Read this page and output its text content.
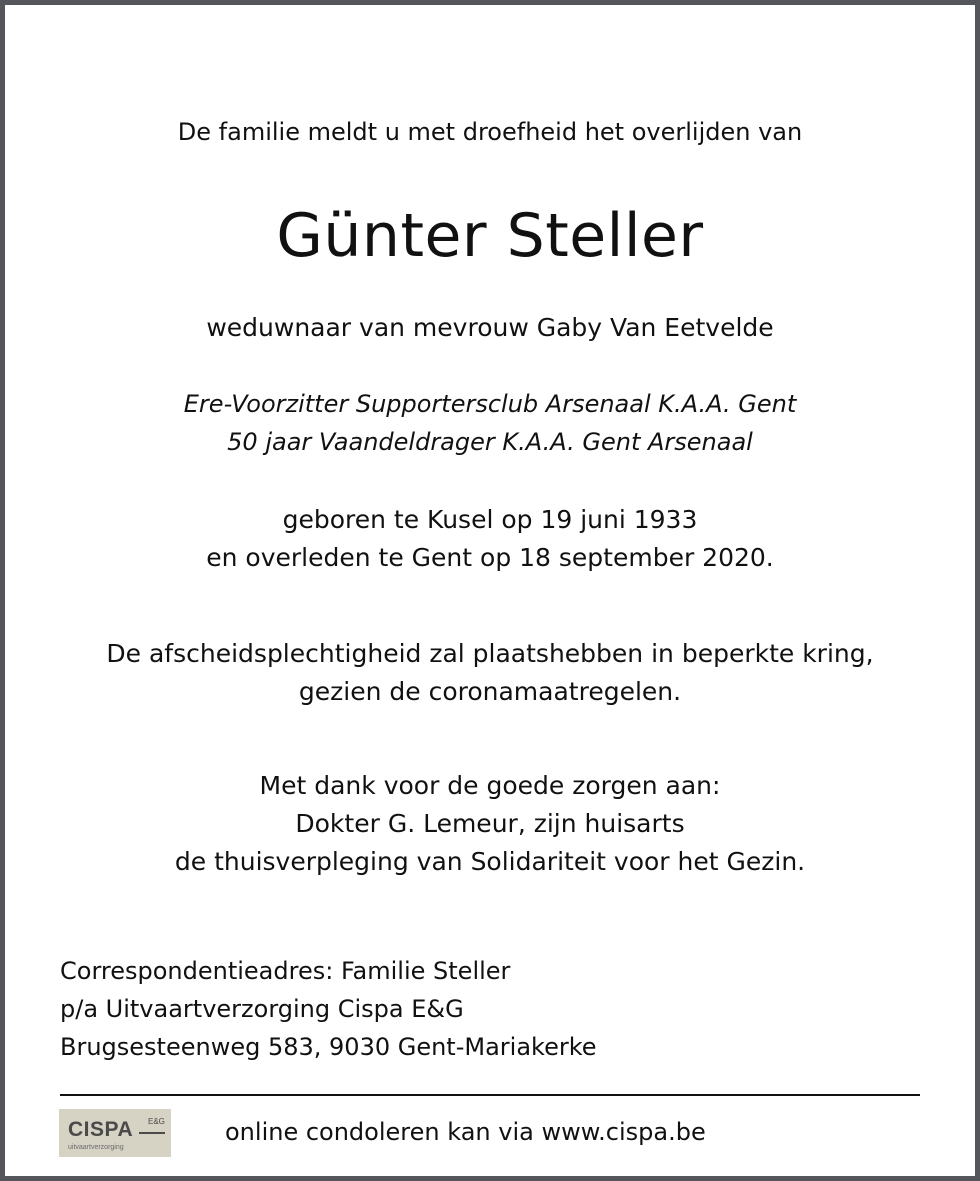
De familie meldt u met droefheid het overlijden van
Günter Steller
weduwnaar van mevrouw Gaby Van Eetvelde
Ere-Voorzitter Supportersclub Arsenaal K.A.A. Gent
50 jaar Vaandeldrager K.A.A. Gent Arsenaal
geboren te Kusel op 19 juni 1933
en overleden te Gent op 18 september 2020.
De afscheidsplechtigheid zal plaatshebben in beperkte kring,
gezien de coronamaatregelen.
Met dank voor de goede zorgen aan:
Dokter G. Lemeur, zijn huisarts
de thuisverpleging van Solidariteit voor het Gezin.
Correspondentieadres: Familie Steller
p/a Uitvaartverzorging Cispa E&G
Brugsesteenweg 583, 9030 Gent-Mariakerke
CISPA E&G
uitvaartverzorging
online condoleren kan via www.cispa.be
